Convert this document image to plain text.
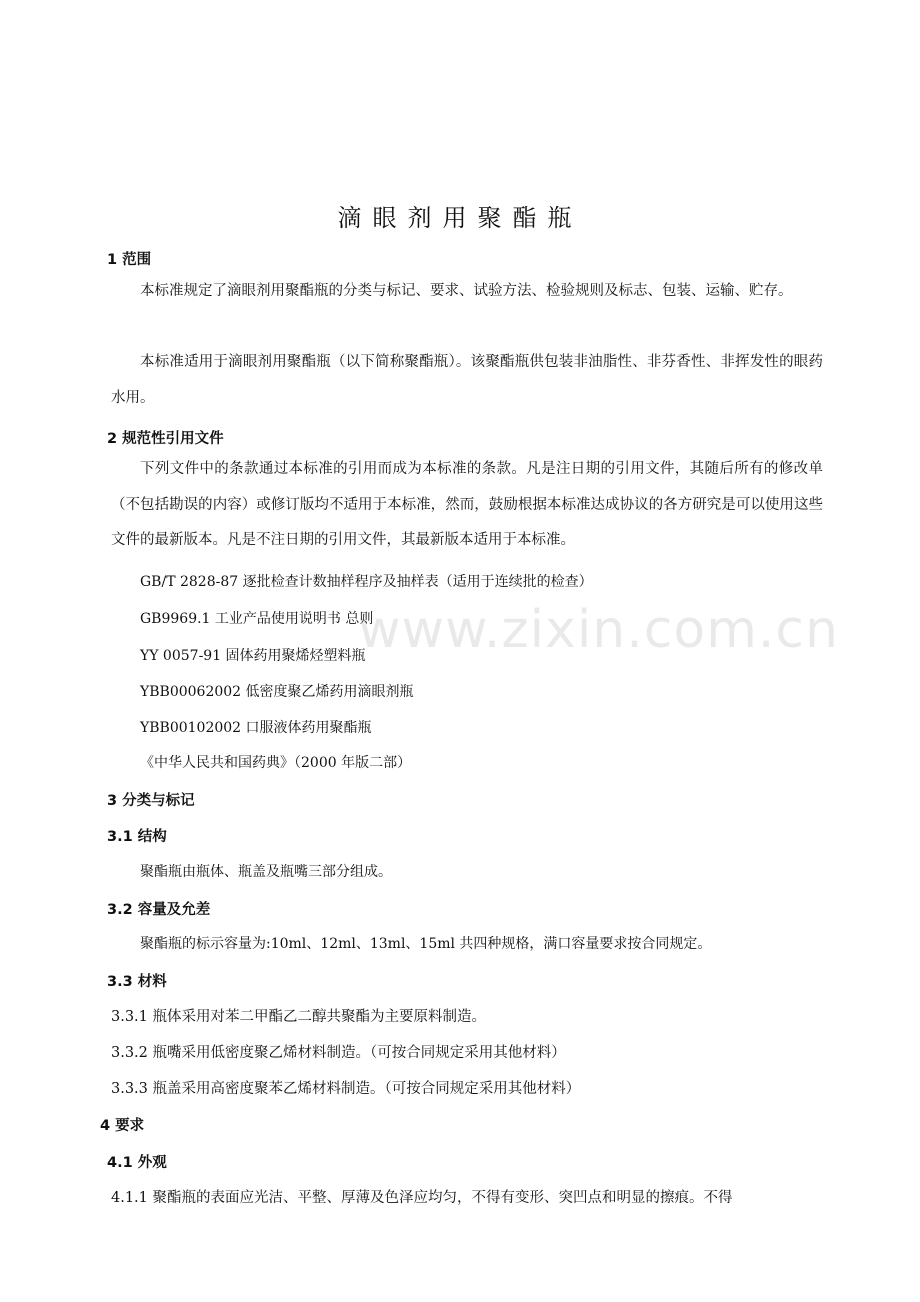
www.zixin.com.cn
滴眼剂用聚酯瓶
1 范围
本标准规定了滴眼剂用聚酯瓶的分类与标记、要求、试验方法、检验规则及标志、包装、运输、贮存。
本标准适用于滴眼剂用聚酯瓶（以下简称聚酯瓶）。该聚酯瓶供包装非油脂性、非芬香性、非挥发性的眼药水用。
2 规范性引用文件
下列文件中的条款通过本标准的引用而成为本标准的条款。凡是注日期的引用文件，其随后所有的修改单（不包括勘误的内容）或修订版均不适用于本标准，然而，鼓励根据本标准达成协议的各方研究是可以使用这些文件的最新版本。凡是不注日期的引用文件，其最新版本适用于本标准。
GB/T 2828-87 逐批检查计数抽样程序及抽样表（适用于连续批的检查）
GB9969.1 工业产品使用说明书 总则
YY 0057-91 固体药用聚烯烃塑料瓶
YBB00062002 低密度聚乙烯药用滴眼剂瓶
YBB00102002 口服液体药用聚酯瓶
《中华人民共和国药典》（2000 年版二部）
3 分类与标记
3.1 结构
聚酯瓶由瓶体、瓶盖及瓶嘴三部分组成。
3.2 容量及允差
聚酯瓶的标示容量为:10ml、12ml、13ml、15ml 共四种规格，满口容量要求按合同规定。
3.3 材料
3.3.1 瓶体采用对苯二甲酯乙二醇共聚酯为主要原料制造。
3.3.2 瓶嘴采用低密度聚乙烯材料制造。（可按合同规定采用其他材料）
3.3.3 瓶盖采用高密度聚苯乙烯材料制造。（可按合同规定采用其他材料）
4 要求
4.1 外观
4.1.1 聚酯瓶的表面应光洁、平整、厚薄及色泽应均匀，不得有变形、突凹点和明显的擦痕。不得
